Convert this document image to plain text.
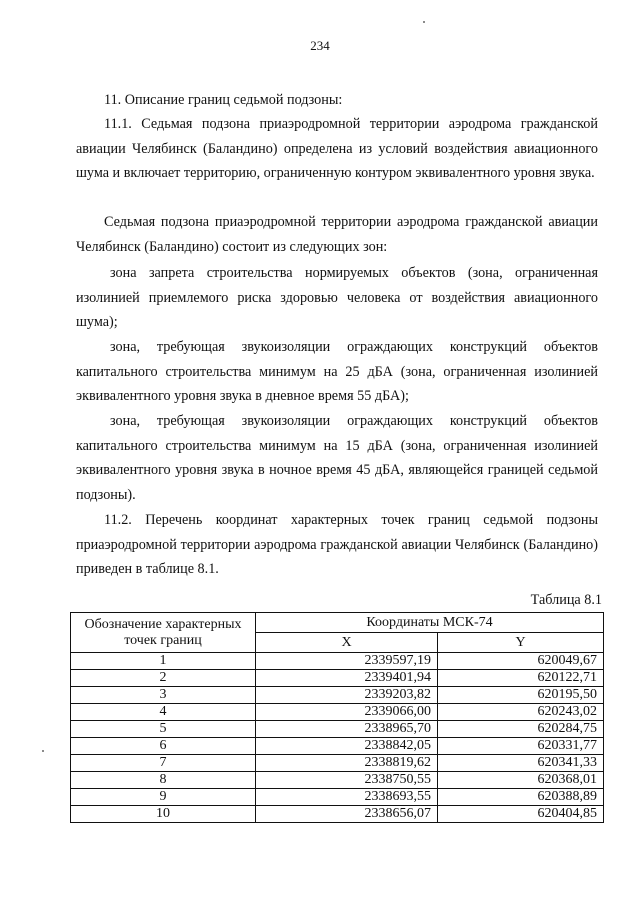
234

11. Описание границ седьмой подзоны:

11.1. Седьмая подзона приаэродромной территории аэродрома гражданской авиации Челябинск (Баландино) определена из условий воздействия авиационного шума и включает территорию, ограниченную контуром эквивалентного уровня звука.

Седьмая подзона приаэродромной территории аэродрома гражданской авиации Челябинск (Баландино) состоит из следующих зон:

зона запрета строительства нормируемых объектов (зона, ограниченная изолинией приемлемого риска здоровью человека от воздействия авиационного шума);

зона, требующая звукоизоляции ограждающих конструкций объектов капитального строительства минимум на 25 дБА (зона, ограниченная изолинией эквивалентного уровня звука в дневное время 55 дБА);

зона, требующая звукоизоляции ограждающих конструкций объектов капитального строительства минимум на 15 дБА (зона, ограниченная изолинией эквивалентного уровня звука в ночное время 45 дБА, являющейся границей седьмой подзоны).

11.2. Перечень координат характерных точек границ седьмой подзоны приаэродромной территории аэродрома гражданской авиации Челябинск (Баландино) приведен в таблице 8.1.

Таблица 8.1
Обозначение характерных точек границ	Координаты МСК-74	
	X	Y
1	2339597,19	620049,67
2	2339401,94	620122,71
3	2339203,82	620195,50
4	2339066,00	620243,02
5	2338965,70	620284,75
6	2338842,05	620331,77
7	2338819,62	620341,33
8	2338750,55	620368,01
9	2338693,55	620388,89
10	2338656,07	620404,85
